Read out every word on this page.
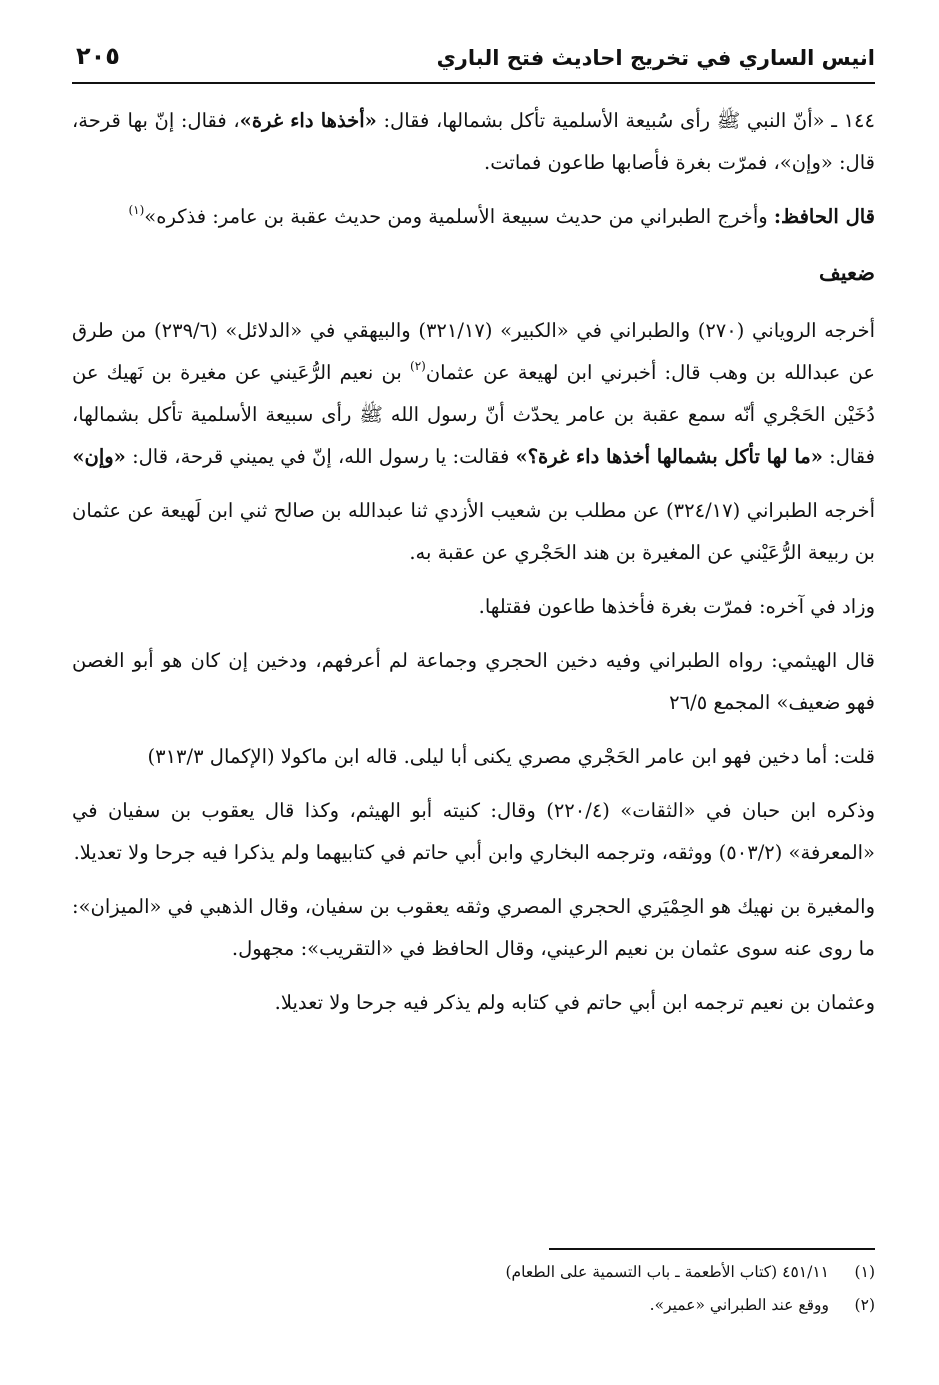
انيس الساري في تخريج احاديث فتح الباري
٢٠٥

١٤٤ ـ «أنّ النبي ﷺ رأى سُبيعة الأسلمية تأكل بشمالها، فقال: «أخذها داء غرة»، فقال: إنّ بها قرحة، قال: «وإن»، فمرّت بغرة فأصابها طاعون فماتت.

قال الحافظ: وأخرج الطبراني من حديث سبيعة الأسلمية ومن حديث عقبة بن عامر: فذكره»$^{(١)}$

ضعيف

أخرجه الروياني (٢٧٠) والطبراني في «الكبير» (٣٢١/١٧) والبيهقي في «الدلائل» (٢٣٩/٦) من طرق عن عبدالله بن وهب قال: أخبرني ابن لهيعة عن عثمان$^{(٢)}$ بن نعيم الرُّعَيني عن مغيرة بن نَهيك عن دُخَيْن الحَجْري أنّه سمع عقبة بن عامر يحدّث أنّ رسول الله ﷺ رأى سبيعة الأسلمية تأكل بشمالها، فقال: «ما لها تأكل بشمالها أخذها داء غرة؟» فقالت: يا رسول الله، إنّ في يميني قرحة، قال: «وإن»

أخرجه الطبراني (٣٢٤/١٧) عن مطلب بن شعيب الأزدي ثنا عبدالله بن صالح ثني ابن لَهيعة عن عثمان بن ربيعة الرُّعَيْني عن المغيرة بن هند الحَجْري عن عقبة به.

وزاد في آخره: فمرّت بغرة فأخذها طاعون فقتلها.

قال الهيثمي: رواه الطبراني وفيه دخين الحجري وجماعة لم أعرفهم، ودخين إن كان هو أبو الغصن فهو ضعيف» المجمع ٢٦/٥

قلت: أما دخين فهو ابن عامر الحَجْري مصري يكنى أبا ليلى. قاله ابن ماكولا (الإكمال ٣١٣/٣)

وذكره ابن حبان في «الثقات» (٢٢٠/٤) وقال: كنيته أبو الهيثم، وكذا قال يعقوب بن سفيان في «المعرفة» (٥٠٣/٢) ووثقه، وترجمه البخاري وابن أبي حاتم في كتابيهما ولم يذكرا فيه جرحا ولا تعديلا.

والمغيرة بن نهيك هو الحِمْيَري الحجري المصري وثقه يعقوب بن سفيان، وقال الذهبي في «الميزان»: ما روى عنه سوى عثمان بن نعيم الرعيني، وقال الحافظ في «التقريب»: مجهول.

وعثمان بن نعيم ترجمه ابن أبي حاتم في كتابه ولم يذكر فيه جرحا ولا تعديلا.

(١)٤٥١/١١ (كتاب الأطعمة ـ باب التسمية على الطعام)
(٢)ووقع عند الطبراني «عمير».
